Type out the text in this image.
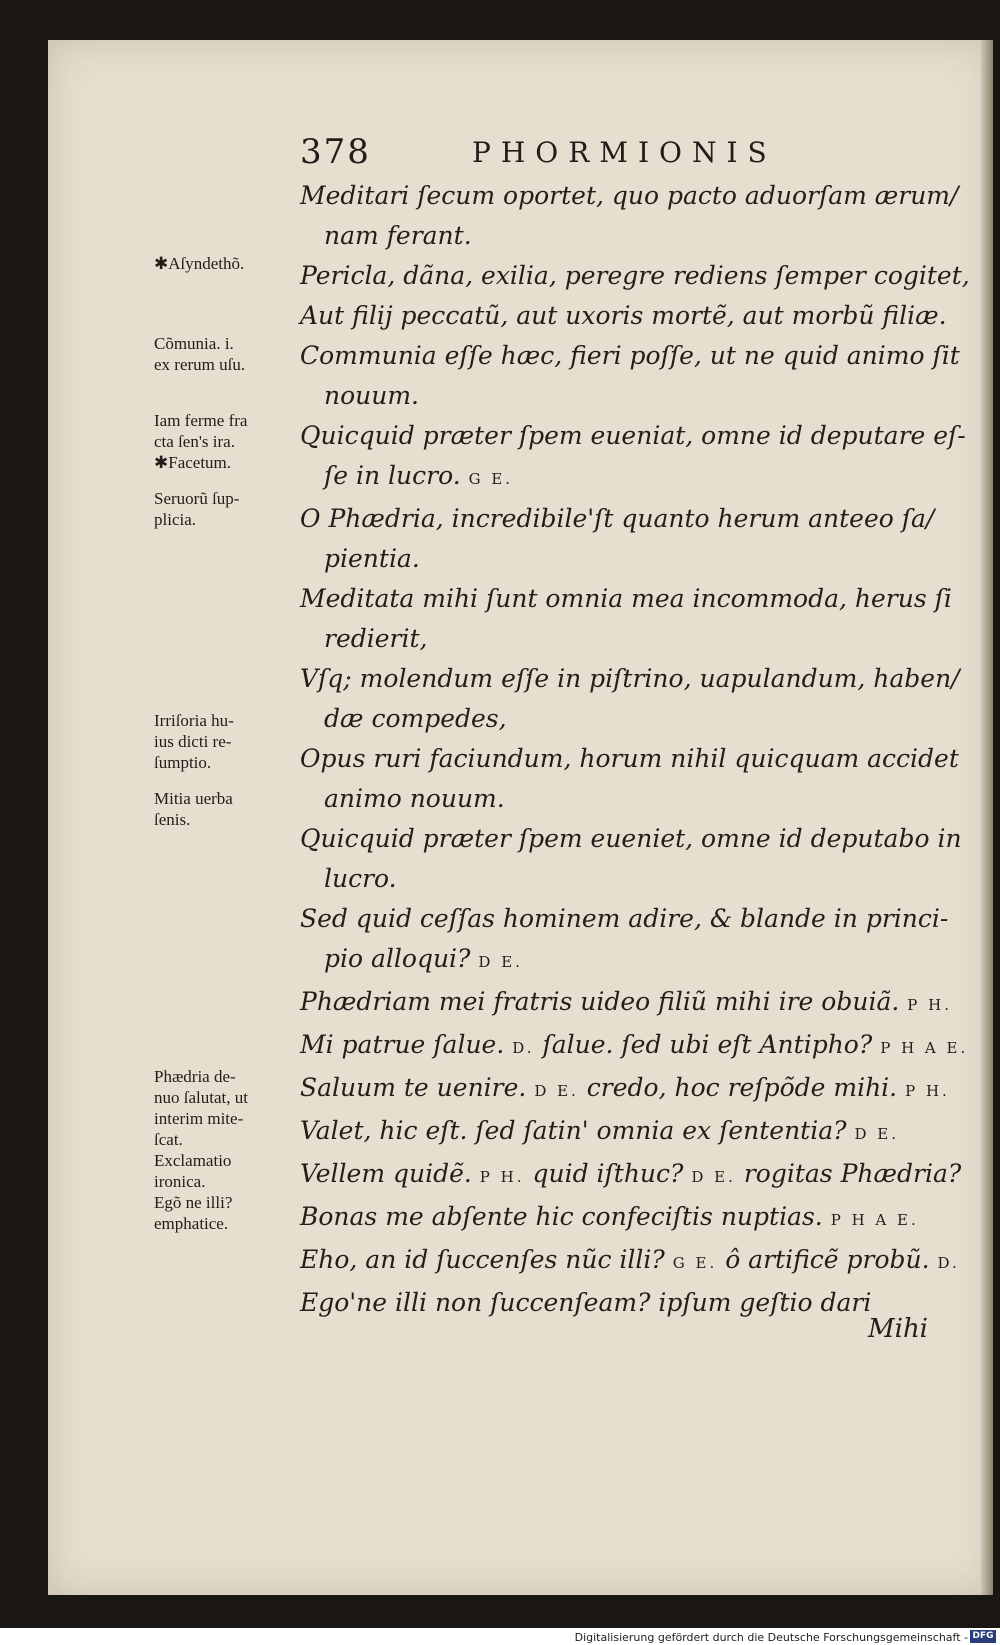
378	PHORMIONIS
Meditari ſecum oportet, quo pacto aduorſam ærum/
nam ferant.
Pericla, dãna, exilia, peregre rediens ſemper cogitet,
Aut filij peccatũ, aut uxoris mortẽ, aut morbũ filiæ.
Communia eſſe hæc, fieri poſſe, ut ne quid animo ſit
nouum.
Quicquid præter ſpem eueniat, omne id deputare eſ-
ſe in lucro. G E.
O Phædria, incredibile'ſt quanto herum anteeo ſa/
pientia.
Meditata mihi ſunt omnia mea incommoda, herus ſi
redierit,
Vſq; molendum eſſe in piſtrino, uapulandum, haben/
dæ compedes,
Opus ruri faciundum, horum nihil quicquam accidet
animo nouum.
Quicquid præter ſpem eueniet, omne id deputabo in
lucro.
Sed quid ceſſas hominem adire, & blande in princi-
pio alloqui? D E.
Phædriam mei fratris uideo filiũ mihi ire obuiã. P H.
Mi patrue ſalue. D. ſalue. ſed ubi eſt Antipho? P H A E.
Saluum te uenire. D E. credo, hoc reſpõde mihi. P H.
Valet, hic eſt. ſed ſatin' omnia ex ſententia? D E.
Vellem quidẽ. P H. quid iſthuc? D E. rogitas Phædria?
Bonas me abſente hic confeciſtis nuptias. P H A E.
Eho, an id ſuccenſes nũc illi? G E. ô artificẽ probũ. D.
Ego'ne illi non ſuccenſeam? ipſum geſtio dari
✱Aſyndethõ.
Cõmunia. i.
ex rerum uſu.
Iam ferme fra
cta ſen's ira.
✱Facetum.
Seruorũ ſup-
plicia.
Irriſoria hu-
ius dicti re-
ſumptio.
Mitia uerba
ſenis.
Phædria de-
nuo ſalutat, ut
interim mite-
ſcat.
Exclamatio
ironica.
Egõ ne illi?
emphatice.
Mihi
Digitalisierung gefördert durch die Deutsche Forschungsgemeinschaft - DFG
